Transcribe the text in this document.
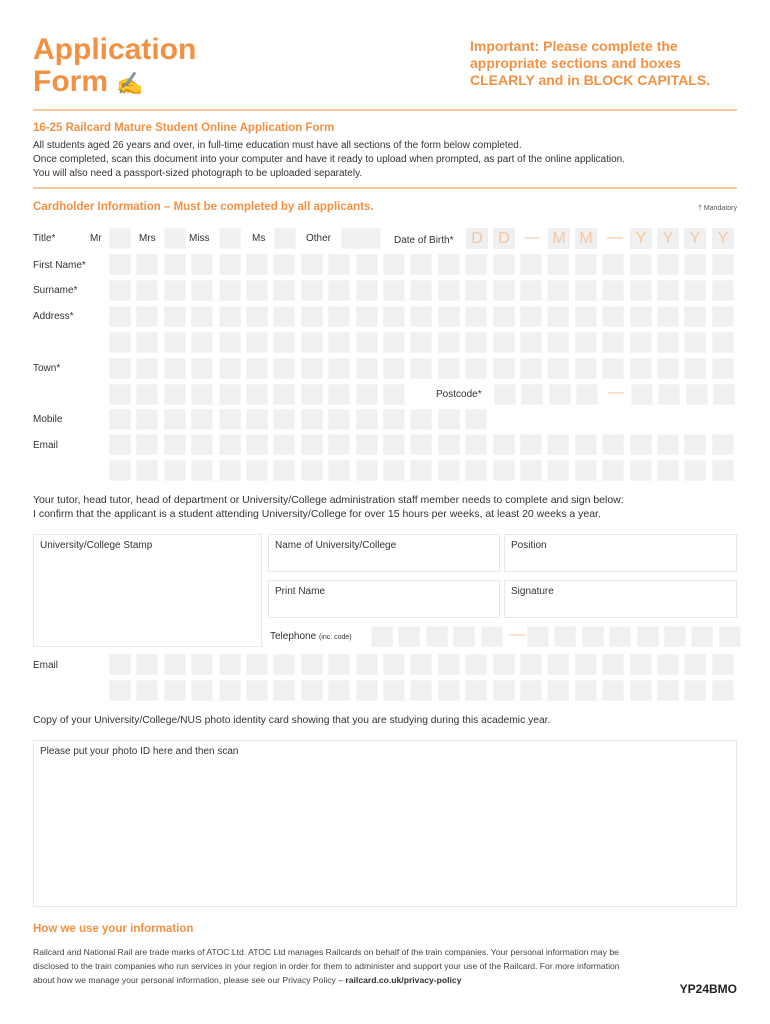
Application
Form ✍
Important: Please complete the
appropriate sections and boxes
CLEARLY and in BLOCK CAPITALS.
16-25 Railcard Mature Student Online Application Form
All students aged 26 years and over, in full-time education must have all sections of the form below completed.
Once completed, scan this document into your computer and have it ready to upload when prompted, as part of the online application.
You will also need a passport-sized photograph to be uploaded separately.
Cardholder Information – Must be completed by all applicants.	† Mandatory
Title*	Mr	Mrs	Miss	Ms	Other	Date of Birth*	D D — M M — Y	Y	Y	Y
First Name*
Surname*
Address*
Town*
Postcode*	—
Mobile
Email
Your tutor, head tutor, head of department or University/College administration staff member needs to complete and sign below:
I confirm that the applicant is a student attending University/College for over 15 hours per weeks, at least 20 weeks a year.
University/College Stamp	Name of University/College	Position
Print Name	Signature
Telephone (inc. code)	—
Email
Copy of your University/College/NUS photo identity card showing that you are studying during this academic year.
Please put your photo ID here and then scan
How we use your information
Railcard and National Rail are trade marks of ATOC Ltd. ATOC Ltd manages Railcards on behalf of the train companies. Your personal information may be
disclosed to the train companies who run services in your region in order for them to administer and support your use of the Railcard. For more information
about how we manage your personal information, please see our Privacy Policy – railcard.co.uk/privacy-policy
YP24BMO
